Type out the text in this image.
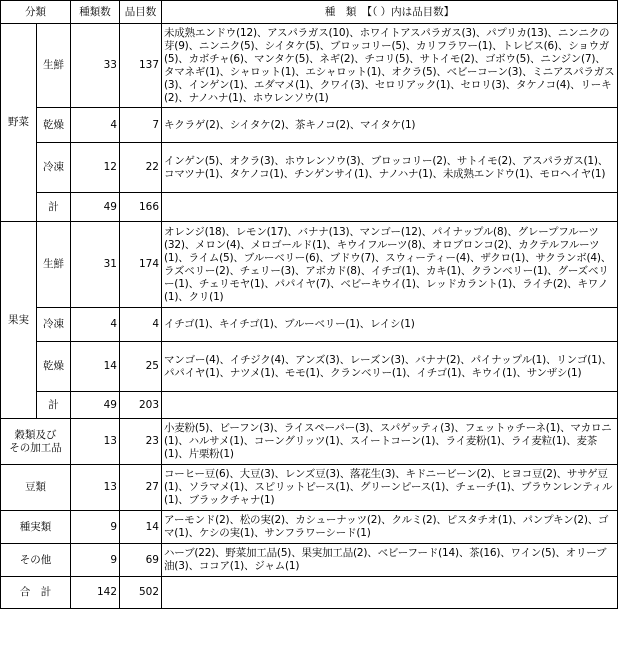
分類		種類数	品目数	種　類　【（ ）内は品目数】
野菜	生鮮	33	137	未成熟エンドウ(12)、アスパラガス(10)、ホワイトアスパラガス(3)、パプリカ(13)、ニンニクの芽(9)、ニンニク(5)、シイタケ(5)、ブロッコリー(5)、カリフラワー(1)、トレビス(6)、ショウガ(5)、カボチャ(6)、マンタケ(5)、ネギ(2)、チコリ(5)、サトイモ(2)、ゴボウ(5)、ニンジン(7)、タマネギ(1)、シャロット(1)、エシャロット(1)、オクラ(5)、ベビーコーン(3)、ミニアスパラガス(3)、インゲン(1)、エダマメ(1)、クワイ(3)、セロリアック(1)、セロリ(3)、タケノコ(4)、リーキ(2)、ナノハナ(1)、ホウレンソウ(1)
	乾燥	4	7	キクラゲ(2)、シイタケ(2)、茶キノコ(2)、マイタケ(1)
	冷凍	12	22	インゲン(5)、オクラ(3)、ホウレンソウ(3)、ブロッコリー(2)、サトイモ(2)、アスパラガス(1)、コマツナ(1)、タケノコ(1)、チンゲンサイ(1)、ナノハナ(1)、未成熟エンドウ(1)、モロヘイヤ(1)
	計	49	166	
果実	生鮮	31	174	オレンジ(18)、レモン(17)、バナナ(13)、マンゴー(12)、パイナップル(8)、グレープフルーツ(32)、メロン(4)、メロゴールド(1)、キウイフルーツ(8)、オロブロンコ(2)、カクテルフルーツ(1)、ライム(5)、ブルーベリー(6)、ブドウ(7)、スウィーティー(4)、ザクロ(1)、サクランボ(4)、ラズベリー(2)、チェリー(3)、アボカド(8)、イチゴ(1)、カキ(1)、クランベリー(1)、グーズベリー(1)、チェリモヤ(1)、パパイヤ(7)、ベビーキウイ(1)、レッドカラント(1)、ライチ(2)、キワノ(1)、クリ(1)
	冷凍	4	4	イチゴ(1)、キイチゴ(1)、ブルーベリー(1)、レイシ(1)
	乾燥	14	25	マンゴー(4)、イチジク(4)、アンズ(3)、レーズン(3)、バナナ(2)、パイナップル(1)、リンゴ(1)、パパイヤ(1)、ナツメ(1)、モモ(1)、クランベリー(1)、イチゴ(1)、キウイ(1)、サンザシ(1)
	計	49	203	
穀類及び
その加工品		13	23	小麦粉(5)、ビーフン(3)、ライスペーパー(3)、スパゲッティ(3)、フェットゥチーネ(1)、マカロニ(1)、ハルサメ(1)、コーングリッツ(1)、スイートコーン(1)、ライ麦粉(1)、ライ麦粒(1)、麦茶(1)、片栗粉(1)
豆類		13	27	コーヒー豆(6)、大豆(3)、レンズ豆(3)、落花生(3)、キドニービーン(2)、ヒヨコ豆(2)、ササゲ豆(1)、ソラマメ(1)、スピリットピース(1)、グリーンピース(1)、チェーチ(1)、ブラウンレンティル(1)、ブラックチャナ(1)
種実類		9	14	アーモンド(2)、松の実(2)、カシューナッツ(2)、クルミ(2)、ピスタチオ(1)、パンプキン(2)、ゴマ(1)、ケシの実(1)、サンフラワーシード(1)
その他		9	69	ハーブ(22)、野菜加工品(5)、果実加工品(2)、ベビーフード(14)、茶(16)、ワイン(5)、オリーブ油(3)、ココア(1)、ジャム(1)
合　計		142	502	
